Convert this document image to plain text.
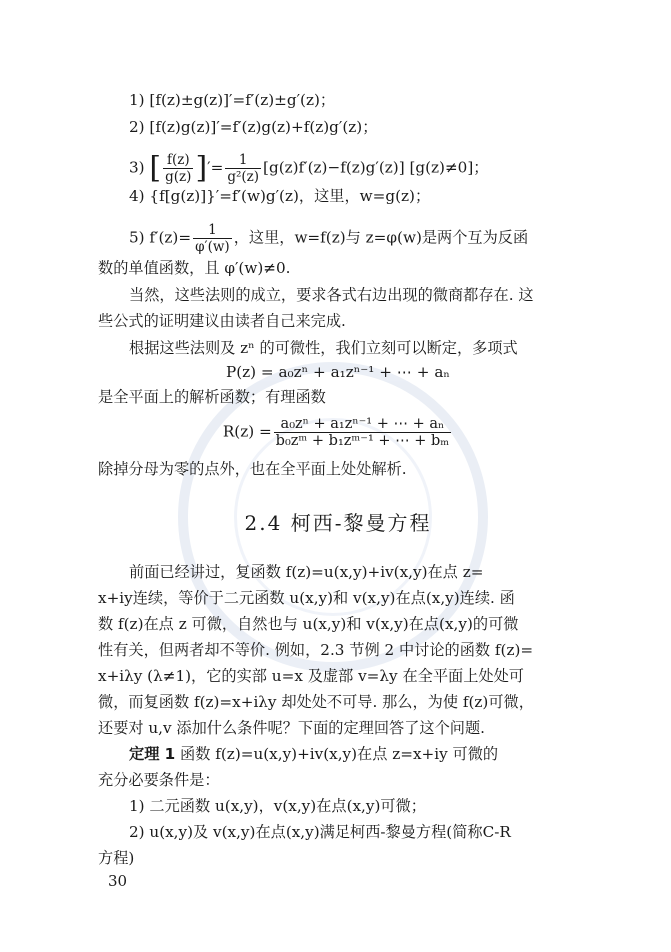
1) [f(z)±g(z)]′=f′(z)±g′(z)；
2) [f(z)g(z)]′=f′(z)g(z)+f(z)g′(z)；
3) [ $\frac{f(z)}{g(z)}$ ]′= $\frac{1}{\text{g²(z)}} [g(z)f'(z)-f(z)g'(z)]$ [g(z)≠0]；
4) {f[g(z)]}′=f′(w)g′(z)，这里，w=g(z)；
5) $f'(z)= \frac{1}{\varphi'(w)}$ ，这里，w=f(z)与 z=φ(w)是两个互为反函
数的单值函数，且 φ′(w)≠0.
当然，这些法则的成立，要求各式右边出现的微商都存在. 这
些公式的证明建议由读者自己来完成.
根据这些法则及 zⁿ 的可微性，我们立刻可以断定，多项式
P(z) = a₀zⁿ + a₁zⁿ⁻¹ + ⋯ + aₙ
是全平面上的解析函数；有理函数
$R(z) = \frac{\text{a₀zⁿ + a₁zⁿ⁻¹ + ⋯ + aₙ}}{\text{b₀zᵐ + b₁zᵐ⁻¹ + ⋯ + bₘ}}$
除掉分母为零的点外，也在全平面上处处解析.
2.4 柯西-黎曼方程
前面已经讲过，复函数 f(z)=u(x,y)+iv(x,y)在点 z=
x+iy连续，等价于二元函数 u(x,y)和 v(x,y)在点(x,y)连续. 函
数 f(z)在点 z 可微，自然也与 u(x,y)和 v(x,y)在点(x,y)的可微
性有关，但两者却不等价. 例如，2.3 节例 2 中讨论的函数 f(z)=
x+iλy (λ≠1)，它的实部 u=x 及虚部 v=λy 在全平面上处处可
微，而复函数 f(z)=x+iλy 却处处不可导. 那么，为使 f(z)可微，
还要对 u,v 添加什么条件呢？下面的定理回答了这个问题.
定理 1 函数 f(z)=u(x,y)+iv(x,y)在点 z=x+iy 可微的
充分必要条件是：
1) 二元函数 u(x,y)，v(x,y)在点(x,y)可微；
2) u(x,y)及 v(x,y)在点(x,y)满足柯西-黎曼方程(简称C-R
方程)
30
